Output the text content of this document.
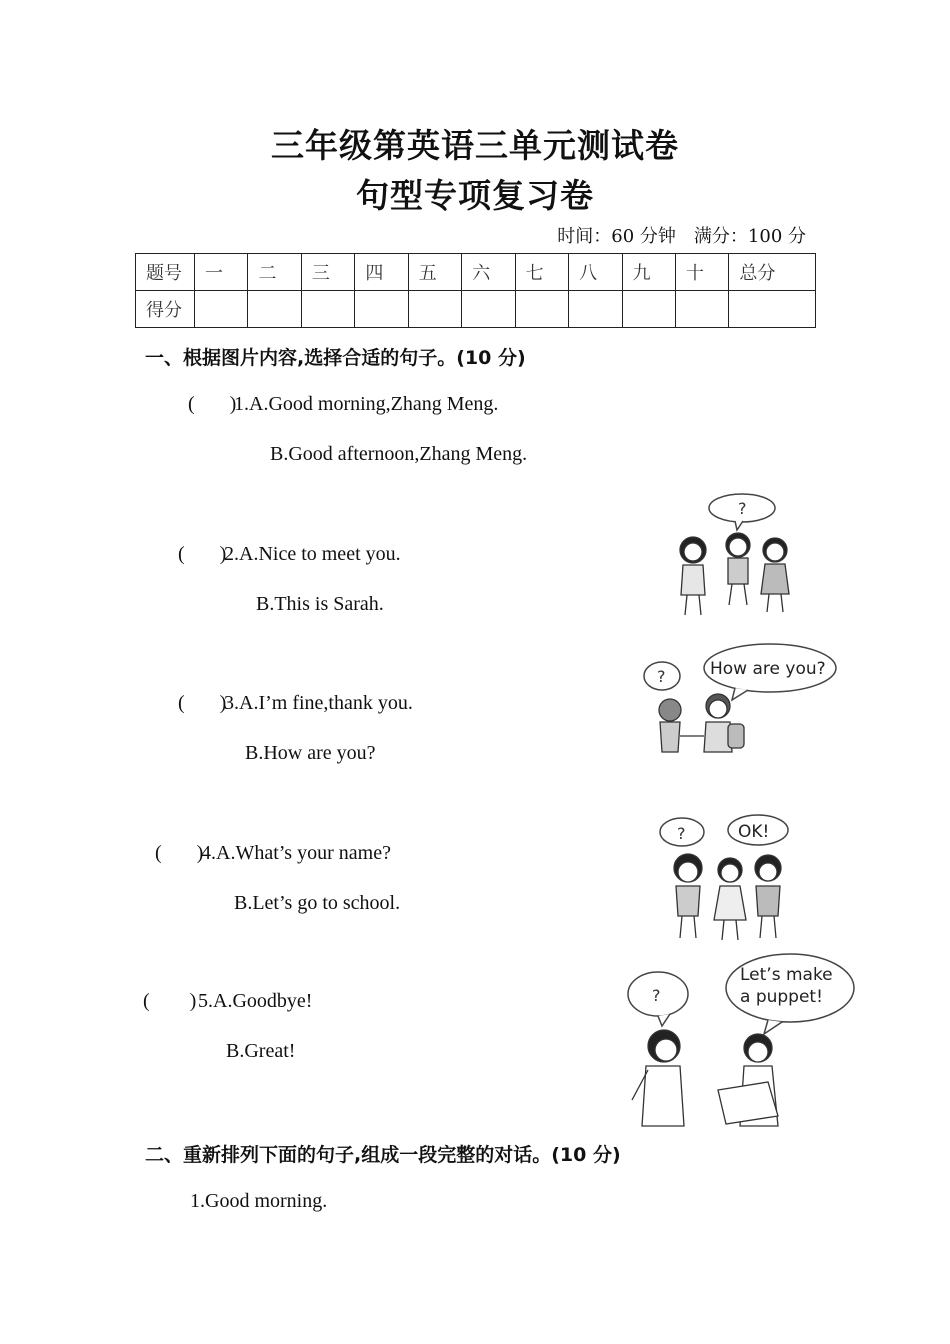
三年级第英语三单元测试卷
句型专项复习卷
时间：60 分钟　满分：100 分
题号	一	二	三	四	五	六	七	八	九	十	总分
得分											
一、根据图片内容,选择合适的句子。(10 分)
(       )1.A.Good morning,Zhang Meng.
B.Good afternoon,Zhang Meng.
(       )2.A.Nice to meet you.
B.This is Sarah.
(       )3.A.I’m fine,thank you.
B.How are you?
(       )4.A.What’s your name?
B.Let’s go to school.
(        )5.A.Goodbye!
B.Great!
二、重新排列下面的句子,组成一段完整的对话。(10 分)
1.Good morning.
?
?	How are you?
?	OK!
?
Let’s make
a puppet!
